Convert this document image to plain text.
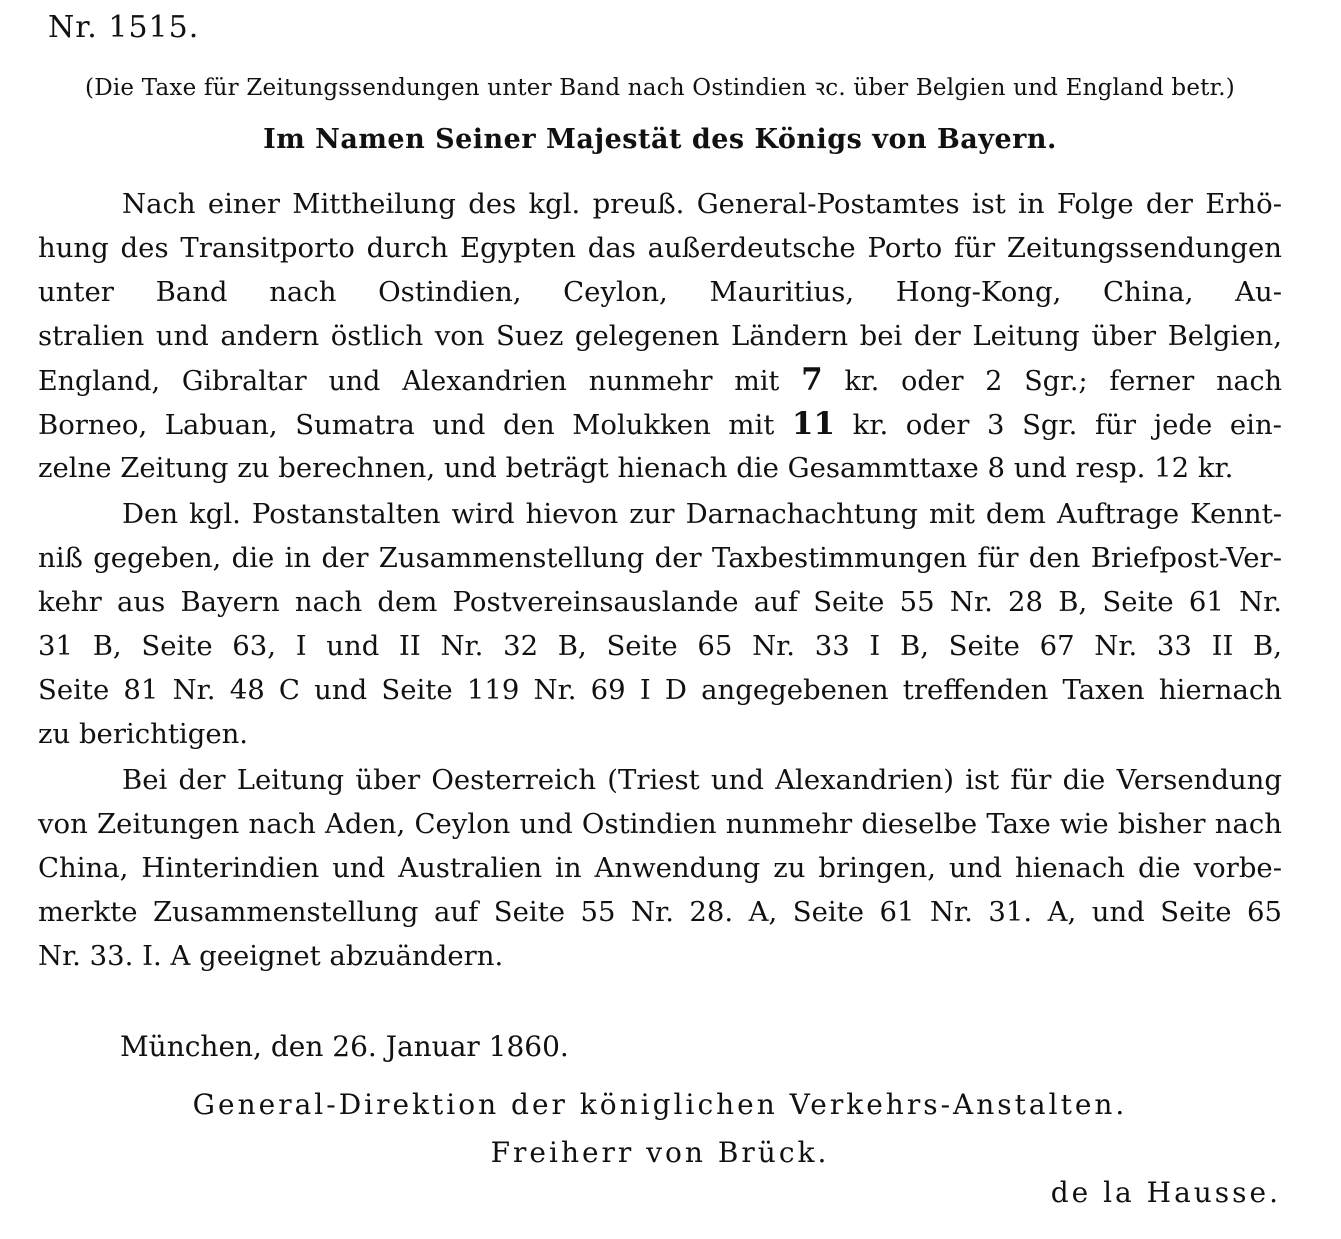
Nr. 1515.
(Die Taxe für Zeitungssendungen unter Band nach Ostindien ꝛc. über Belgien und England betr.)
Im Namen Seiner Majestät des Königs von Bayern.
Nach einer Mittheilung des kgl. preuß. General-Postamtes ist in Folge der Erhö-
hung des Transitporto durch Egypten das außerdeutsche Porto für Zeitungssendungen
unter Band nach Ostindien, Ceylon, Mauritius, Hong-Kong, China, Au-
stralien und andern östlich von Suez gelegenen Ländern bei der Leitung über Belgien,
England, Gibraltar und Alexandrien nunmehr mit 7 kr. oder 2 Sgr.; ferner nach
Borneo, Labuan, Sumatra und den Molukken mit 11 kr. oder 3 Sgr. für jede ein-
zelne Zeitung zu berechnen, und beträgt hienach die Gesammttaxe 8 und resp. 12 kr.
Den kgl. Postanstalten wird hievon zur Darnachachtung mit dem Auftrage Kennt-
niß gegeben, die in der Zusammenstellung der Taxbestimmungen für den Briefpost-Ver-
kehr aus Bayern nach dem Postvereinsauslande auf Seite 55 Nr. 28 B, Seite 61 Nr.
31 B, Seite 63, I und II Nr. 32 B, Seite 65 Nr. 33 I B, Seite 67 Nr. 33 II B,
Seite 81 Nr. 48 C und Seite 119 Nr. 69 I D angegebenen treffenden Taxen hiernach
zu berichtigen.
Bei der Leitung über Oesterreich (Triest und Alexandrien) ist für die Versendung
von Zeitungen nach Aden, Ceylon und Ostindien nunmehr dieselbe Taxe wie bisher nach
China, Hinterindien und Australien in Anwendung zu bringen, und hienach die vorbe-
merkte Zusammenstellung auf Seite 55 Nr. 28. A, Seite 61 Nr. 31. A, und Seite 65
Nr. 33. I. A geeignet abzuändern.
München, den 26. Januar 1860.
General-Direktion der königlichen Verkehrs-Anstalten.
Freiherr von Brück.
de la Hausse.
